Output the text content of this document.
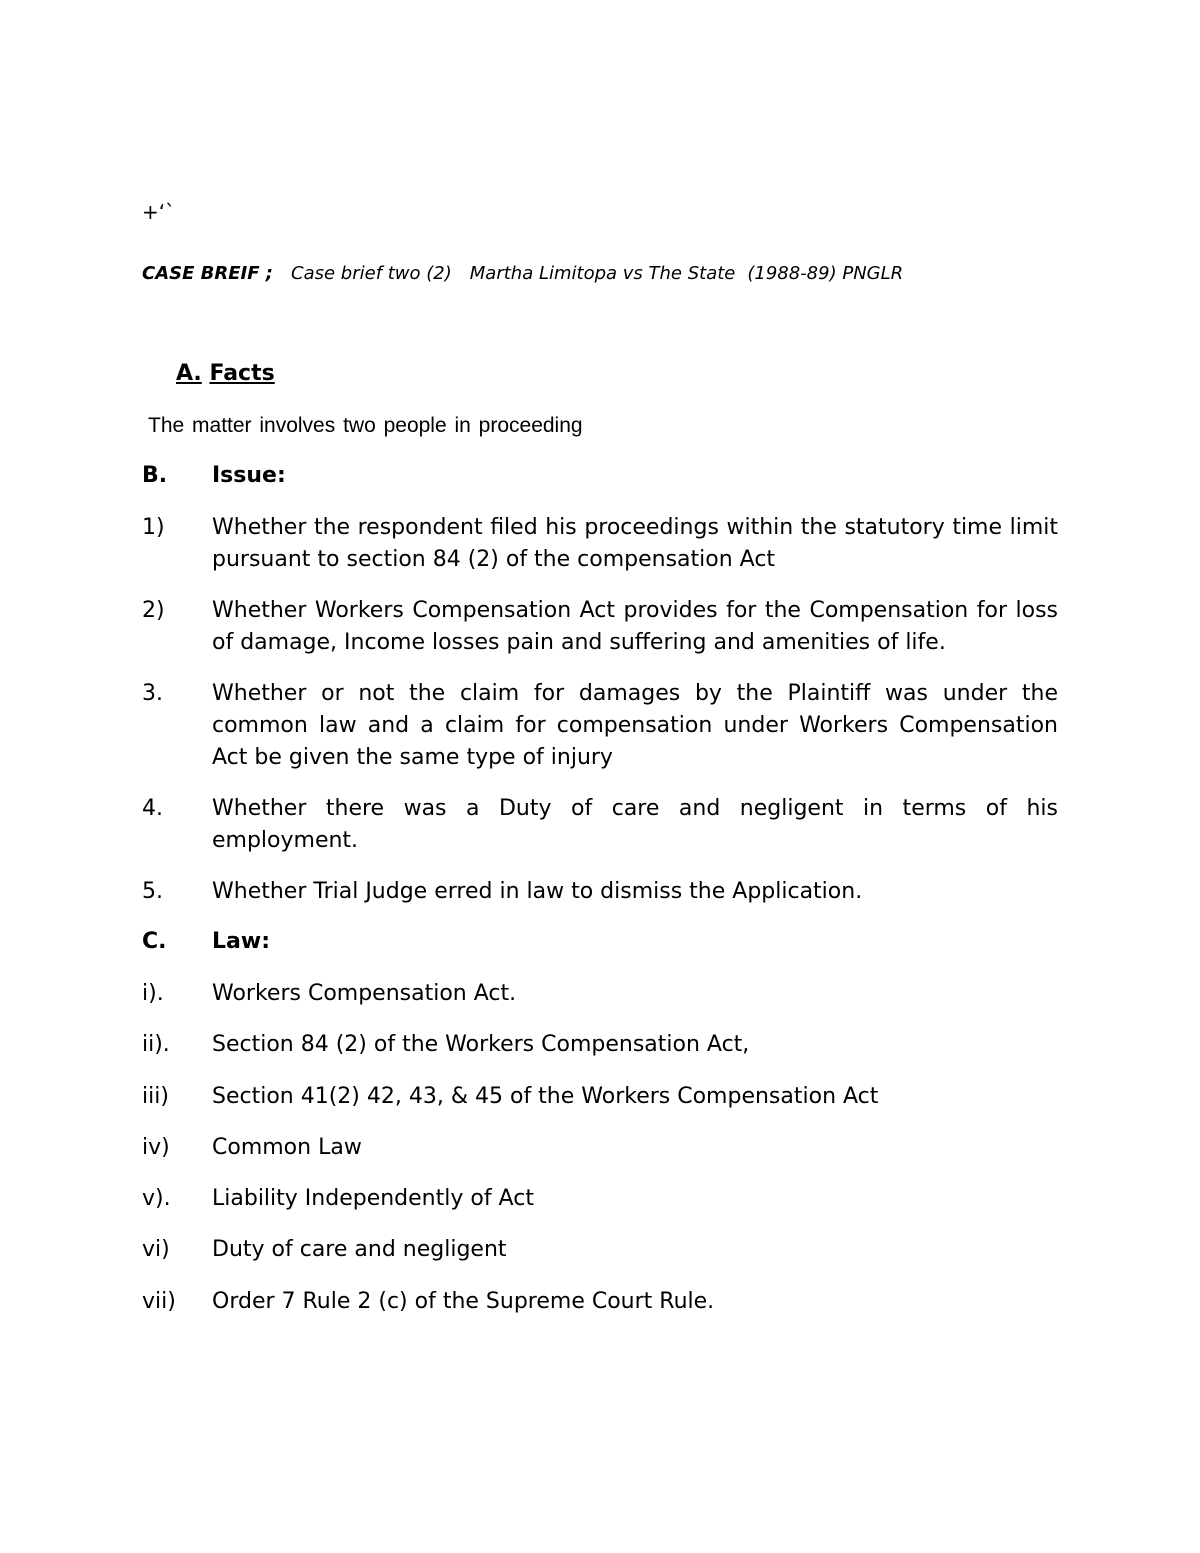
+‘`
CASE BREIF ; Case brief two (2) Martha Limitopa vs The State (1988-89) PNGLR
A. Facts
The matter involves two people in proceeding
B. Issue:
1) Whether the respondent filed his proceedings within the statutory time limit pursuant to section 84 (2) of the compensation Act
2) Whether Workers Compensation Act provides for the Compensation for loss of damage, Income losses pain and suffering and amenities of life.
3. Whether or not the claim for damages by the Plaintiff was under the common law and a claim for compensation under Workers Compensation Act be given the same type of injury
4. Whether there was a Duty of care and negligent in terms of his employment.
5. Whether Trial Judge erred in law to dismiss the Application.
C. Law:
i). Workers Compensation Act.
ii). Section 84 (2) of the Workers Compensation Act,
iii) Section 41(2) 42, 43, & 45 of the Workers Compensation Act
iv) Common Law
v). Liability Independently of Act
vi) Duty of care and negligent
vii) Order 7 Rule 2 (c) of the Supreme Court Rule.
